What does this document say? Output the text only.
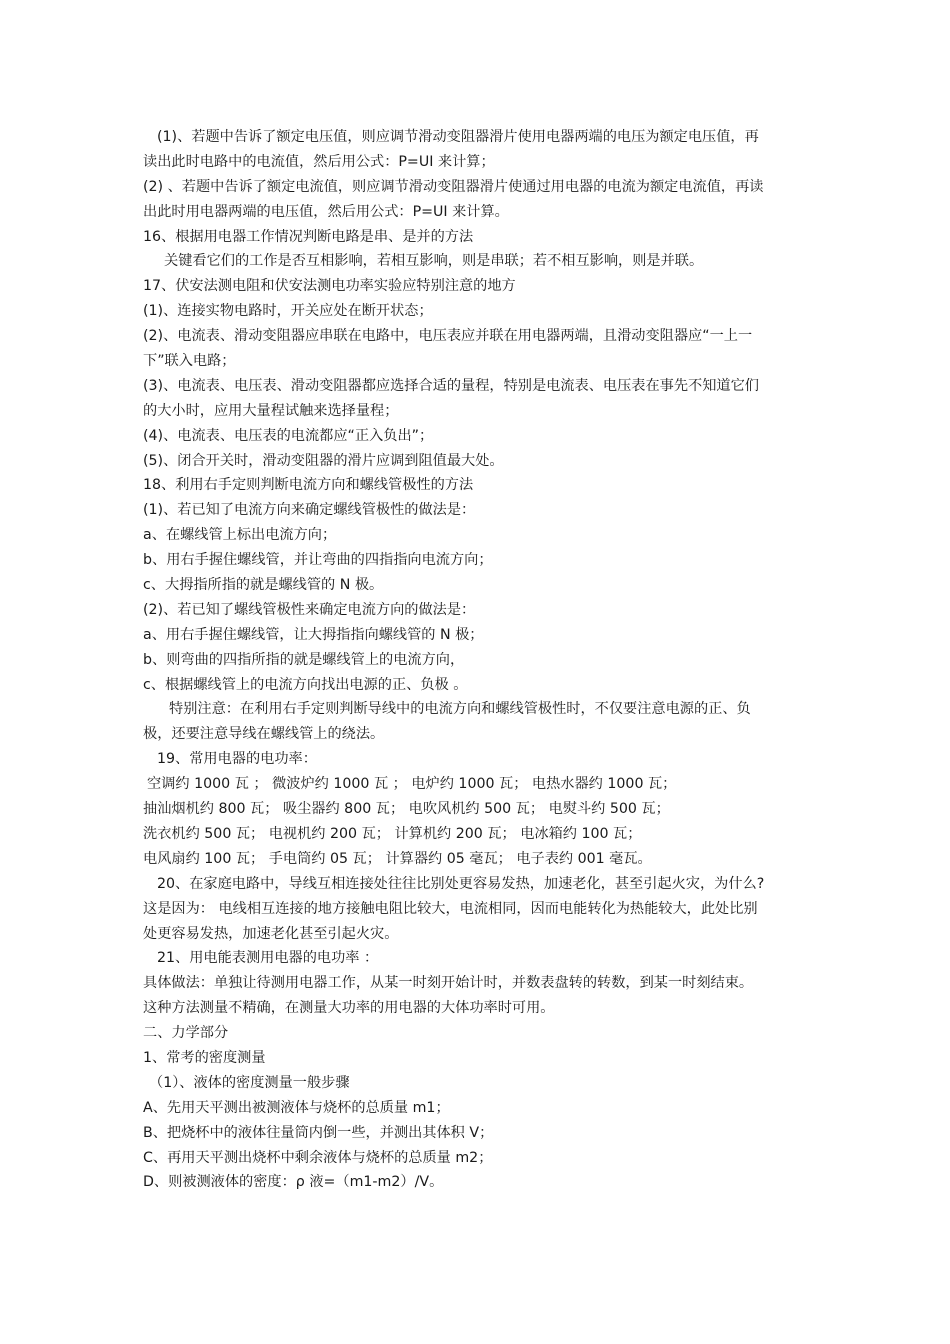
(1)、若题中告诉了额定电压值，则应调节滑动变阻器滑片使用电器两端的电压为额定电压值，再
读出此时电路中的电流值，然后用公式：P=UI 来计算；
(2) 、若题中告诉了额定电流值，则应调节滑动变阻器滑片使通过用电器的电流为额定电流值，再读
出此时用电器两端的电压值，然后用公式：P=UI 来计算。
16、根据用电器工作情况判断电路是串、是并的方法
关键看它们的工作是否互相影响，若相互影响，则是串联；若不相互影响，则是并联。
17、伏安法测电阻和伏安法测电功率实验应特别注意的地方
(1)、连接实物电路时，开关应处在断开状态；
(2)、电流表、滑动变阻器应串联在电路中，电压表应并联在用电器两端，且滑动变阻器应“一上一
下”联入电路；
(3)、电流表、电压表、滑动变阻器都应选择合适的量程，特别是电流表、电压表在事先不知道它们
的大小时，应用大量程试触来选择量程；
(4)、电流表、电压表的电流都应“正入负出”；
(5)、闭合开关时，滑动变阻器的滑片应调到阻值最大处。
18、利用右手定则判断电流方向和螺线管极性的方法
(1)、若已知了电流方向来确定螺线管极性的做法是：
a、在螺线管上标出电流方向；
b、用右手握住螺线管，并让弯曲的四指指向电流方向；
c、大拇指所指的就是螺线管的 N 极。
(2)、若已知了螺线管极性来确定电流方向的做法是：
a、用右手握住螺线管，让大拇指指向螺线管的 N 极；
b、则弯曲的四指所指的就是螺线管上的电流方向，
c、根据螺线管上的电流方向找出电源的正、负极 。
特别注意：在利用右手定则判断导线中的电流方向和螺线管极性时，不仅要注意电源的正、负
极，还要注意导线在螺线管上的绕法。
19、常用电器的电功率：
空调约 1000 瓦 ； 微波炉约 1000 瓦 ； 电炉约 1000 瓦； 电热水器约 1000 瓦；
抽汕烟机约 800 瓦； 吸尘器约 800 瓦； 电吹风机约 500 瓦； 电熨斗约 500 瓦；
洗衣机约 500 瓦； 电视机约 200 瓦； 计算机约 200 瓦； 电冰箱约 100 瓦；
电风扇约 100 瓦； 手电筒约 05 瓦； 计算器约 05 毫瓦； 电子表约 001 毫瓦。
20、在家庭电路中，导线互相连接处往往比别处更容易发热，加速老化，甚至引起火灾，为什么?
这是因为： 电线相互连接的地方接触电阻比较大，电流相同，因而电能转化为热能较大，此处比别
处更容易发热，加速老化甚至引起火灾。
21、用电能表测用电器的电功率 ：
具体做法：单独让待测用电器工作，从某一时刻开始计时，并数表盘转的转数，到某一时刻结束。
这种方法测量不精确，在测量大功率的用电器的大体功率时可用。
二、力学部分
1、常考的密度测量
（1）、液体的密度测量一般步骤
A、先用天平测出被测液体与烧杯的总质量 m1；
B、把烧杯中的液体往量筒内倒一些，并测出其体积 V；
C、再用天平测出烧杯中剩余液体与烧杯的总质量 m2；
D、则被测液体的密度：ρ 液=（m1-m2）/V。
